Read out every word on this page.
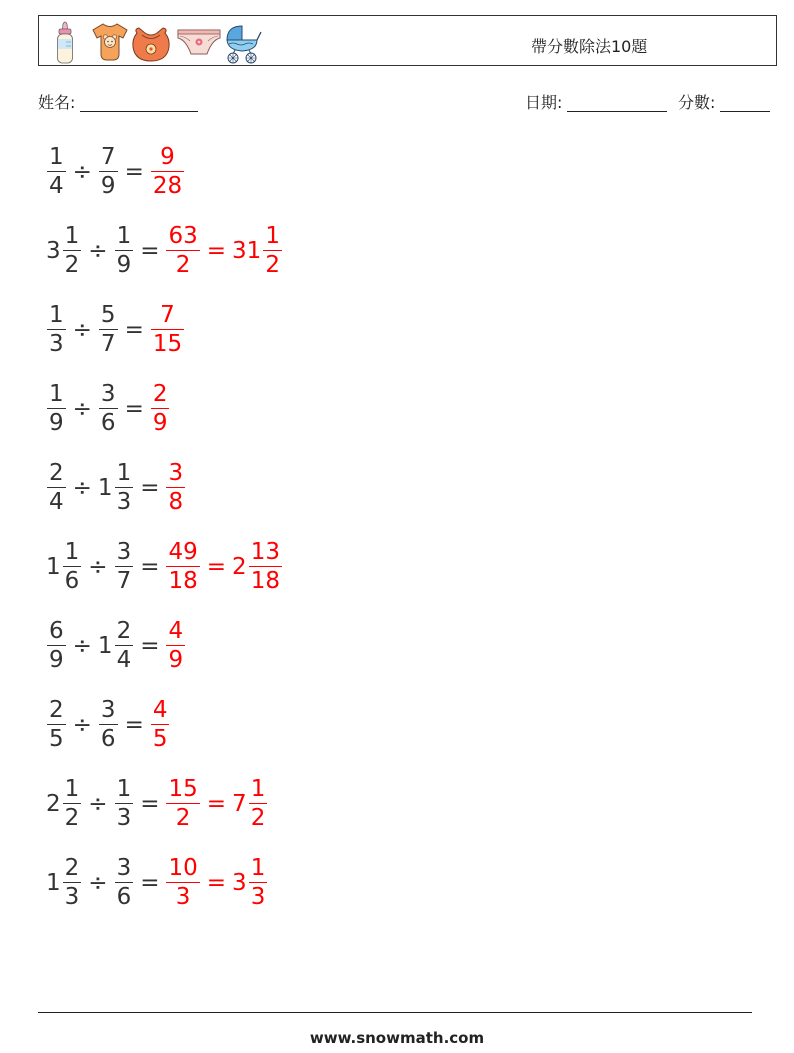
帶分數除法10題
姓名:	日期:	分數:
$\frac{1}{4} \div \frac{7}{9} = \frac{9}{28}$
$3 \frac{1}{2} \div \frac{1}{9} = \frac{63}{2} = 31 \frac{1}{2}$
$\frac{1}{3} \div \frac{5}{7} = \frac{7}{15}$
$\frac{1}{9} \div \frac{3}{6} = \frac{2}{9}$
$\frac{2}{4} \div 1 \frac{1}{3} = \frac{3}{8}$
$1 \frac{1}{6} \div \frac{3}{7} = \frac{49}{18} = 2 \frac{13}{18}$
$\frac{6}{9} \div 1 \frac{2}{4} = \frac{4}{9}$
$\frac{2}{5} \div \frac{3}{6} = \frac{4}{5}$
$2 \frac{1}{2} \div \frac{1}{3} = \frac{15}{2} = 7 \frac{1}{2}$
$1 \frac{2}{3} \div \frac{3}{6} = \frac{10}{3} = 3 \frac{1}{3}$
www.snowmath.com
